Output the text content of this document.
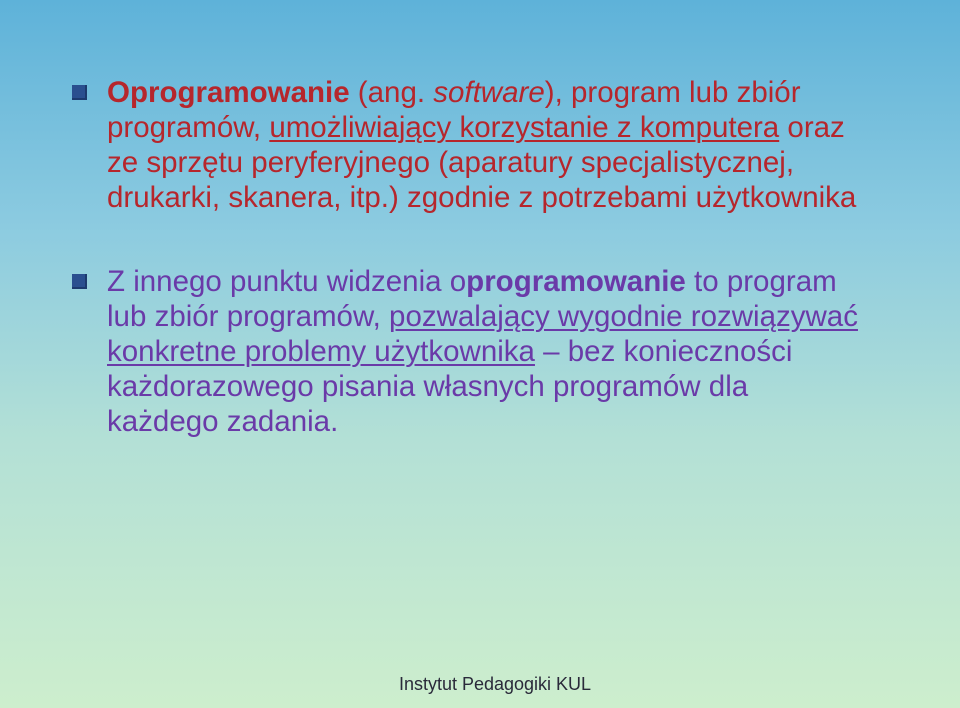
Oprogramowanie (ang. software), program lub zbiór
programów, umożliwiający korzystanie z komputera oraz
ze sprzętu peryferyjnego (aparatury specjalistycznej,
drukarki, skanera, itp.) zgodnie z potrzebami użytkownika
Z innego punktu widzenia oprogramowanie to program
lub zbiór programów, pozwalający wygodnie rozwiązywać
konkretne problemy użytkownika – bez konieczności
każdorazowego pisania własnych programów dla
każdego zadania.
Instytut Pedagogiki KUL
